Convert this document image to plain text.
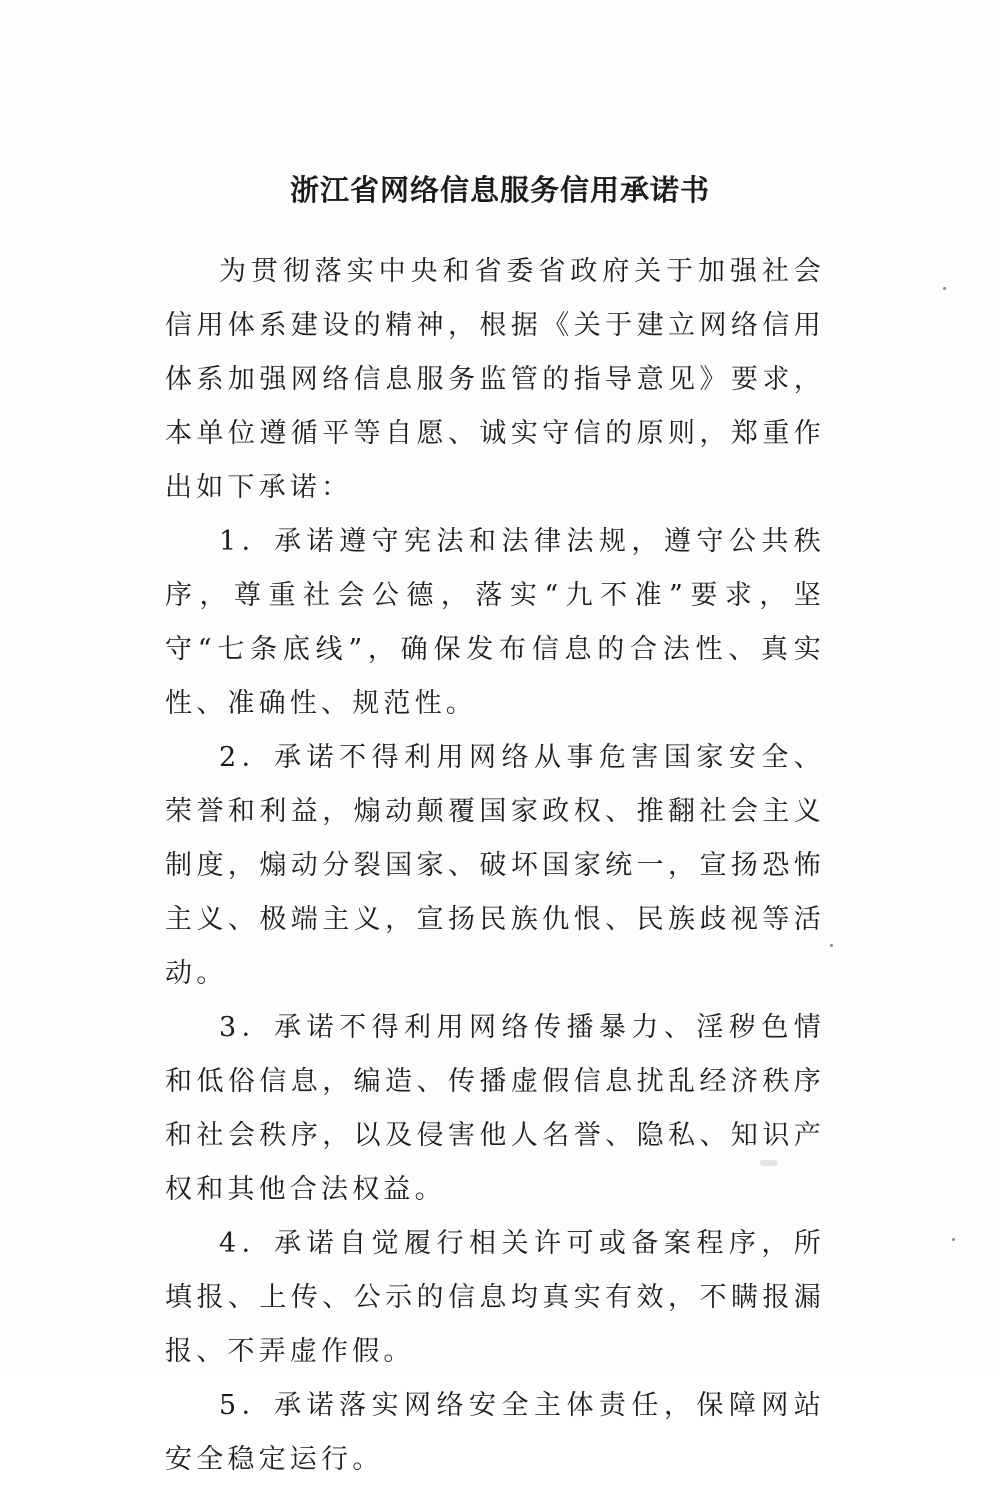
浙江省网络信息服务信用承诺书

为贯彻落实中央和省委省政府关于加强社会信用体系建设的精神，根据《关于建立网络信用体系加强网络信息服务监管的指导意见》要求，本单位遵循平等自愿、诚实守信的原则，郑重作出如下承诺：

1．承诺遵守宪法和法律法规，遵守公共秩序，尊重社会公德，落实“九不准”要求，坚守“七条底线”，确保发布信息的合法性、真实性、准确性、规范性。

2．承诺不得利用网络从事危害国家安全、荣誉和利益，煽动颠覆国家政权、推翻社会主义制度，煽动分裂国家、破坏国家统一，宣扬恐怖主义、极端主义，宣扬民族仇恨、民族歧视等活动。

3．承诺不得利用网络传播暴力、淫秽色情和低俗信息，编造、传播虚假信息扰乱经济秩序和社会秩序，以及侵害他人名誉、隐私、知识产权和其他合法权益。

4．承诺自觉履行相关许可或备案程序，所填报、上传、公示的信息均真实有效，不瞒报漏报、不弄虚作假。

5．承诺落实网络安全主体责任，保障网站安全稳定运行。
